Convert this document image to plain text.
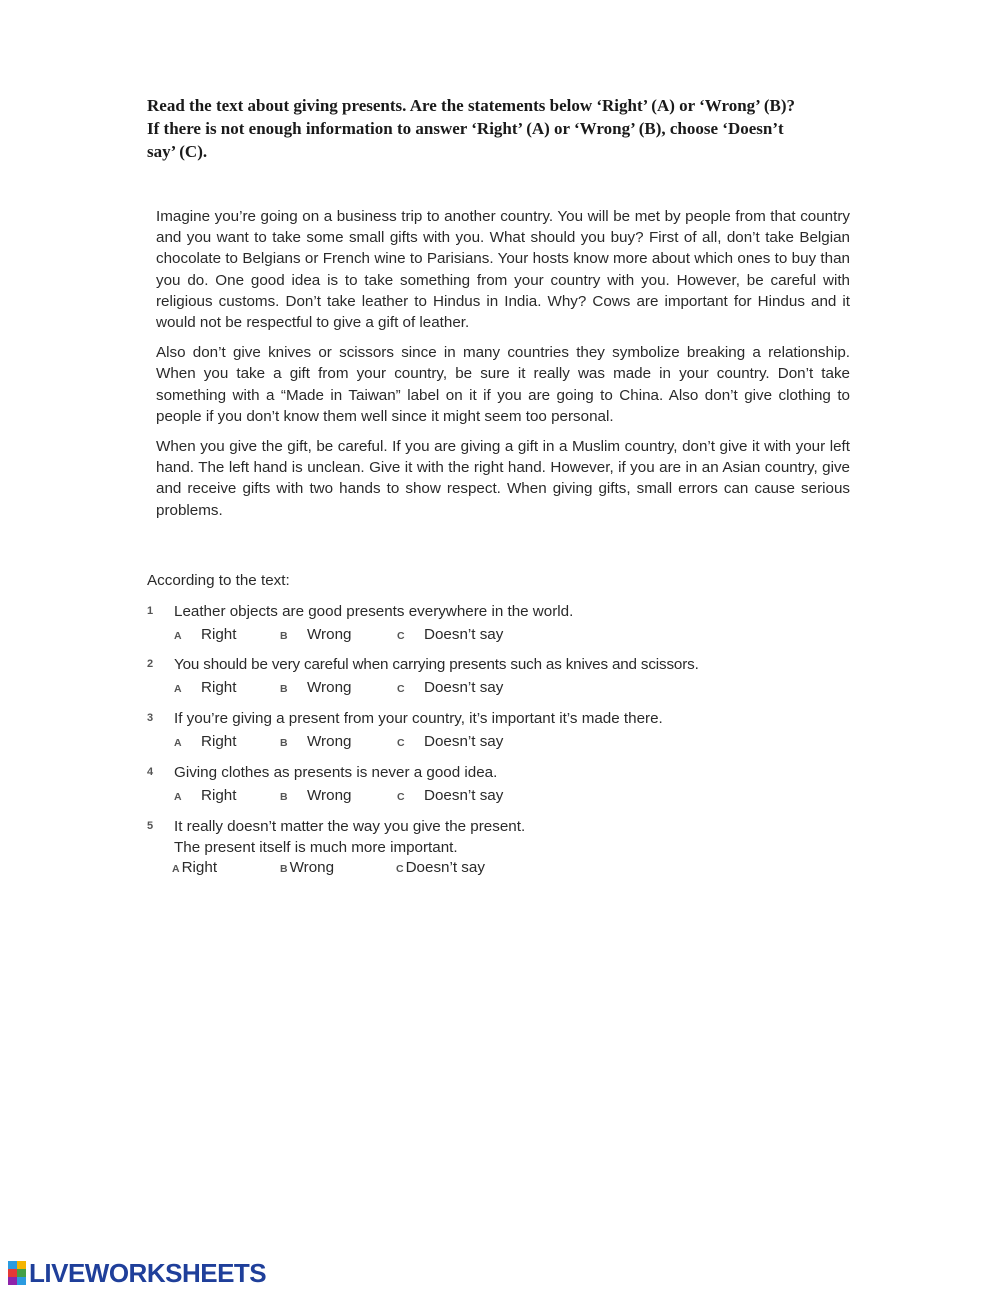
Read the text about giving presents. Are the statements below ‘Right’ (A) or ‘Wrong’ (B)?

If there is not enough information to answer ‘Right’ (A) or ‘Wrong’ (B), choose ‘Doesn’t say’ (C).

Imagine you’re going on a business trip to another country. You will be met by people from that country and you want to take some small gifts with you. What should you buy? First of all, don’t take Belgian chocolate to Belgians or French wine to Parisians. Your hosts know more about which ones to buy than you do. One good idea is to take something from your country with you. However, be careful with religious customs. Don’t take leather to Hindus in India. Why? Cows are important for Hindus and it would not be respectful to give a gift of leather.

Also don’t give knives or scissors since in many countries they symbolize breaking a relationship. When you take a gift from your country, be sure it really was made in your country. Don’t take something with a “Made in Taiwan” label on it if you are going to China. Also don’t give clothing to people if you don’t know them well since it might seem too personal.

When you give the gift, be careful. If you are giving a gift in a Muslim country, don’t give it with your left hand. The left hand is unclean. Give it with the right hand. However, if you are in an Asian country, give and receive gifts with two hands to show respect. When giving gifts, small errors can cause serious problems.

According to the text:
1 Leather objects are good presents everywhere in the world.
A Right	B Wrong	C Doesn’t say
2 You should be very careful when carrying presents such as knives and scissors.
A Right	B Wrong	C Doesn’t say
3 If you’re giving a present from your country, it’s important it’s made there.
A Right	B Wrong	C Doesn’t say
4 Giving clothes as presents is never a good idea.
A Right	B Wrong	C Doesn’t say
5 It really doesn’t matter the way you give the present.
The present itself is much more important.
A Right	B Wrong	C Doesn’t say
LIVEWORKSHEETS
